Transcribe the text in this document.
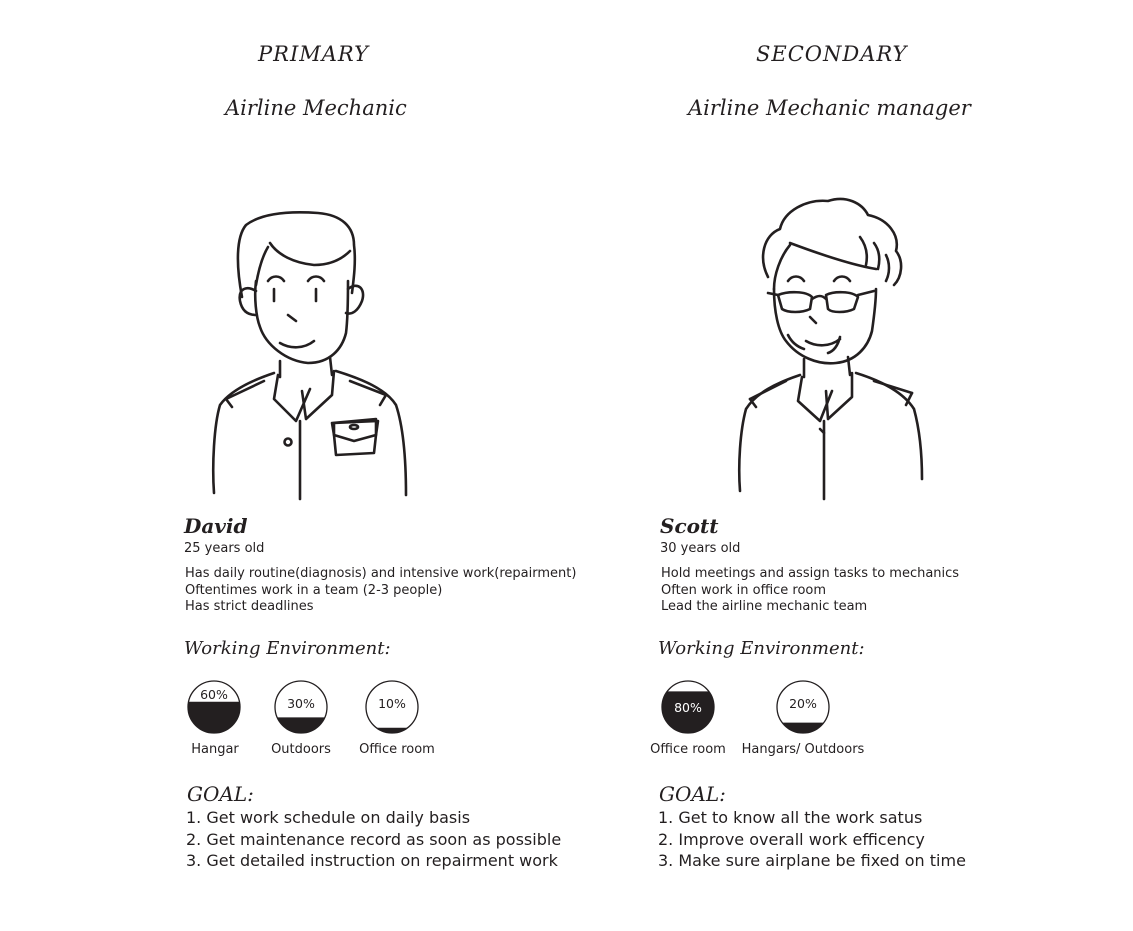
PRIMARY
Airline Mechanic
David
25 years old
Has daily routine(diagnosis) and intensive work(repairment)
Oftentimes work in a team (2-3 people)
Has strict deadlines
Working Environment:
60%
Hangar
30%
Outdoors
10%
Office room
GOAL:
1. Get work schedule on daily basis
2. Get maintenance record as soon as possible
3. Get detailed instruction on repairment work
SECONDARY
Airline Mechanic manager
Scott
30 years old
Hold meetings and assign tasks to mechanics
Often work in office room
Lead the airline mechanic team
Working Environment:
80%
Office room
20%
Hangars/ Outdoors
GOAL:
1. Get to know all the work satus
2. Improve overall work efficency
3. Make sure airplane be fixed on time
